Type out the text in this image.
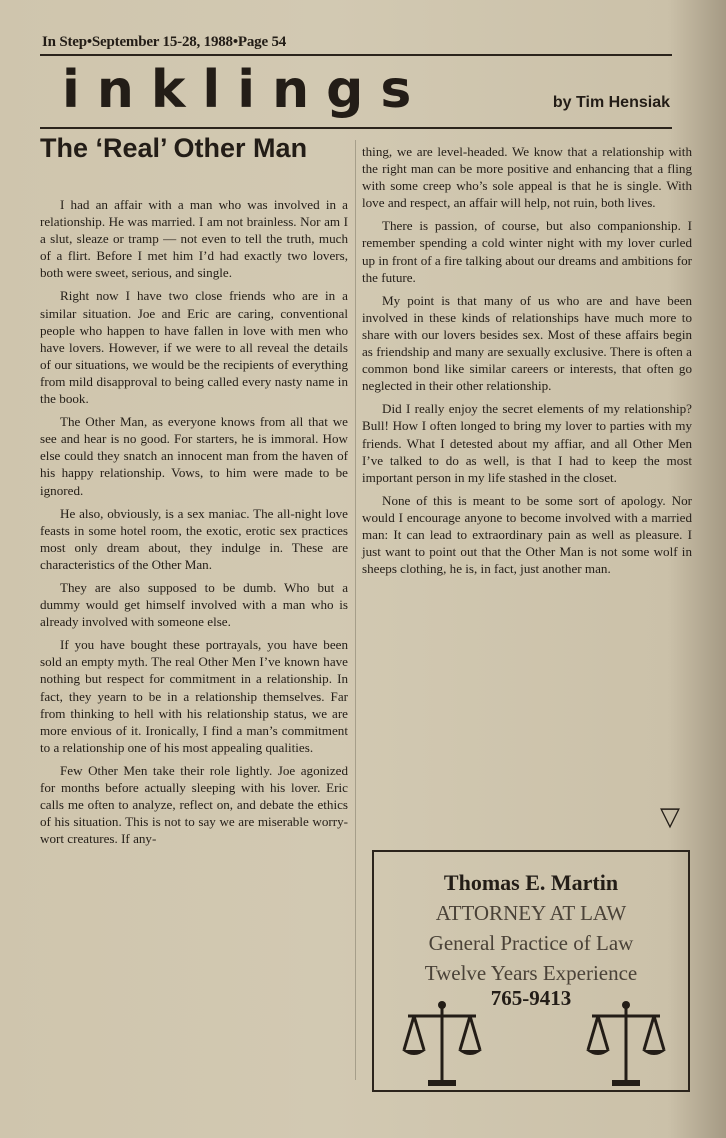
In Step•September 15-28, 1988•Page 54
inklings	by Tim Hensiak
The ‘Real’ Other Man

I had an affair with a man who was involved in a relationship. He was married. I am not brainless. Nor am I a slut, sleaze or tramp — not even to tell the truth, much of a flirt. Before I met him I’d had exactly two lovers, both were sweet, serious, and single.

Right now I have two close friends who are in a similar situation. Joe and Eric are caring, conventional people who happen to have fallen in love with men who have lovers. However, if we were to all reveal the details of our situations, we would be the recipients of everything from mild disapproval to being called every nasty name in the book.

The Other Man, as everyone knows from all that we see and hear is no good. For starters, he is immoral. How else could they snatch an innocent man from the haven of his happy relationship. Vows, to him were made to be ignored.

He also, obviously, is a sex maniac. The all-night love feasts in some hotel room, the exotic, erotic sex practices most only dream about, they indulge in. These are characteristics of the Other Man.

They are also supposed to be dumb. Who but a dummy would get himself involved with a man who is already involved with someone else.

If you have bought these portrayals, you have been sold an empty myth. The real Other Men I’ve known have nothing but respect for commitment in a relationship. In fact, they yearn to be in a relationship themselves. Far from thinking to hell with his relationship status, we are more envious of it. Ironically, I find a man’s commitment to a relationship one of his most appealing qualities.

Few Other Men take their role lightly. Joe agonized for months before actually sleeping with his lover. Eric calls me often to analyze, reflect on, and debate the ethics of his situation. This is not to say we are miserable worry-wort creatures. If any-

thing, we are level-headed. We know that a relationship with the right man can be more positive and enhancing that a fling with some creep who’s sole appeal is that he is single. With love and respect, an affair will help, not ruin, both lives.

There is passion, of course, but also companionship. I remember spending a cold winter night with my lover curled up in front of a fire talking about our dreams and ambitions for the future.

My point is that many of us who are and have been involved in these kinds of relationships have much more to share with our lovers besides sex. Most of these affairs begin as friendship and many are sexually exclusive. There is often a common bond like similar careers or interests, that often go neglected in their other relationship.

Did I really enjoy the secret elements of my relationship? Bull! How I often longed to bring my lover to parties with my friends. What I detested about my affiar, and all Other Men I’ve talked to do as well, is that I had to keep the most important person in my life stashed in the closet.

None of this is meant to be some sort of apology. Nor would I encourage anyone to become involved with a married man: It can lead to extraordinary pain as well as pleasure. I just want to point out that the Other Man is not some wolf in sheeps clothing, he is, in fact, just another man.

▽
Thomas E. Martin
ATTORNEY AT LAW
General Practice of Law
Twelve Years Experience
765-9413
